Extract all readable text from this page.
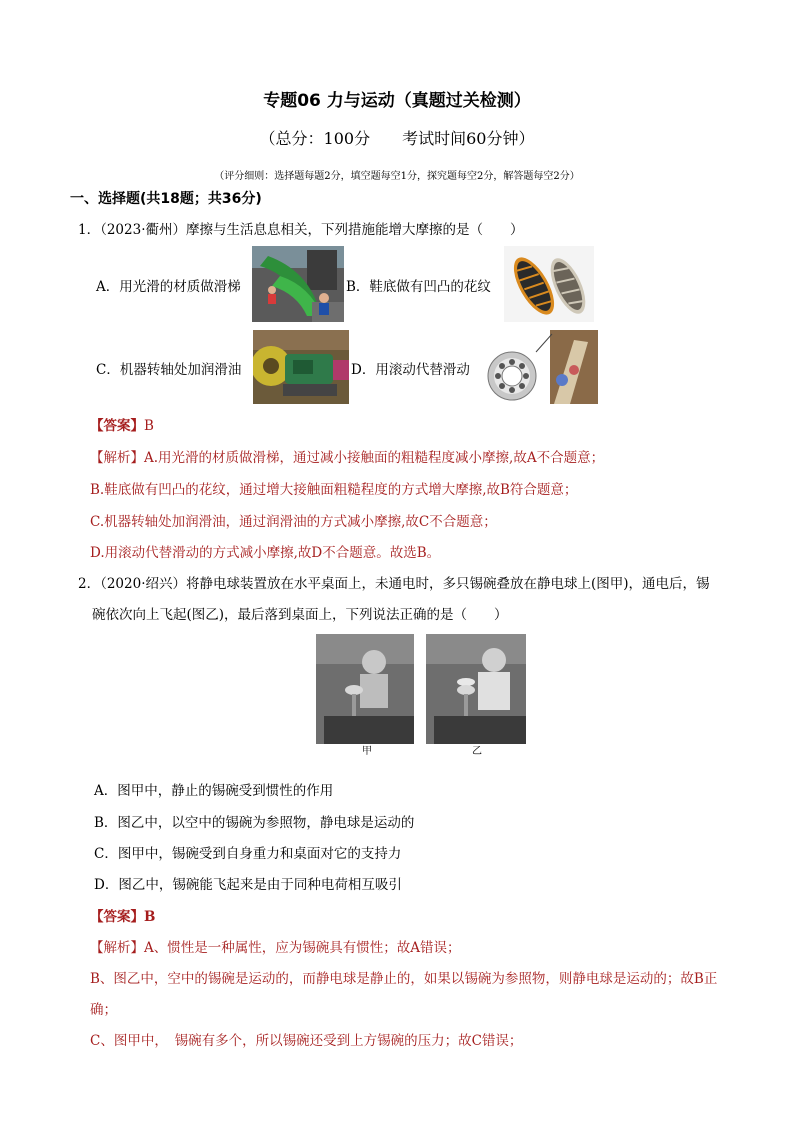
专题06 力与运动（真题过关检测）
（总分：100分　　考试时间60分钟）
（评分细则：选择题每题2分，填空题每空1分，探究题每空2分，解答题每空2分）
一、选择题(共18题；共36分)
1．（2023·衢州）摩擦与生活息息相关，下列措施能增大摩擦的是（　　）
A．用光滑的材质做滑梯	B．鞋底做有凹凸的花纹
C．机器转轴处加润滑油	D．用滚动代替滑动
【答案】B
【解析】A.用光滑的材质做滑梯，通过减小接触面的粗糙程度减小摩擦,故A不合题意；
B.鞋底做有凹凸的花纹，通过增大接触面粗糙程度的方式增大摩擦,故B符合题意；
C.机器转轴处加润滑油，通过润滑油的方式减小摩擦,故C不合题意；
D.用滚动代替滑动的方式减小摩擦,故D不合题意。故选B。
2．（2020·绍兴）将静电球装置放在水平桌面上，未通电时，多只锡碗叠放在静电球上(图甲)，通电后，锡
碗依次向上飞起(图乙)，最后落到桌面上，下列说法正确的是（　　）
甲	乙
A．图甲中，静止的锡碗受到惯性的作用
B．图乙中，以空中的锡碗为参照物，静电球是运动的
C．图甲中，锡碗受到自身重力和桌面对它的支持力
D．图乙中，锡碗能飞起来是由于同种电荷相互吸引
【答案】B
【解析】A、惯性是一种属性，应为锡碗具有惯性；故A错误；
B、图乙中，空中的锡碗是运动的，而静电球是静止的，如果以锡碗为参照物，则静电球是运动的；故B正
确；
C、图甲中，　锡碗有多个，所以锡碗还受到上方锡碗的压力；故C错误；
